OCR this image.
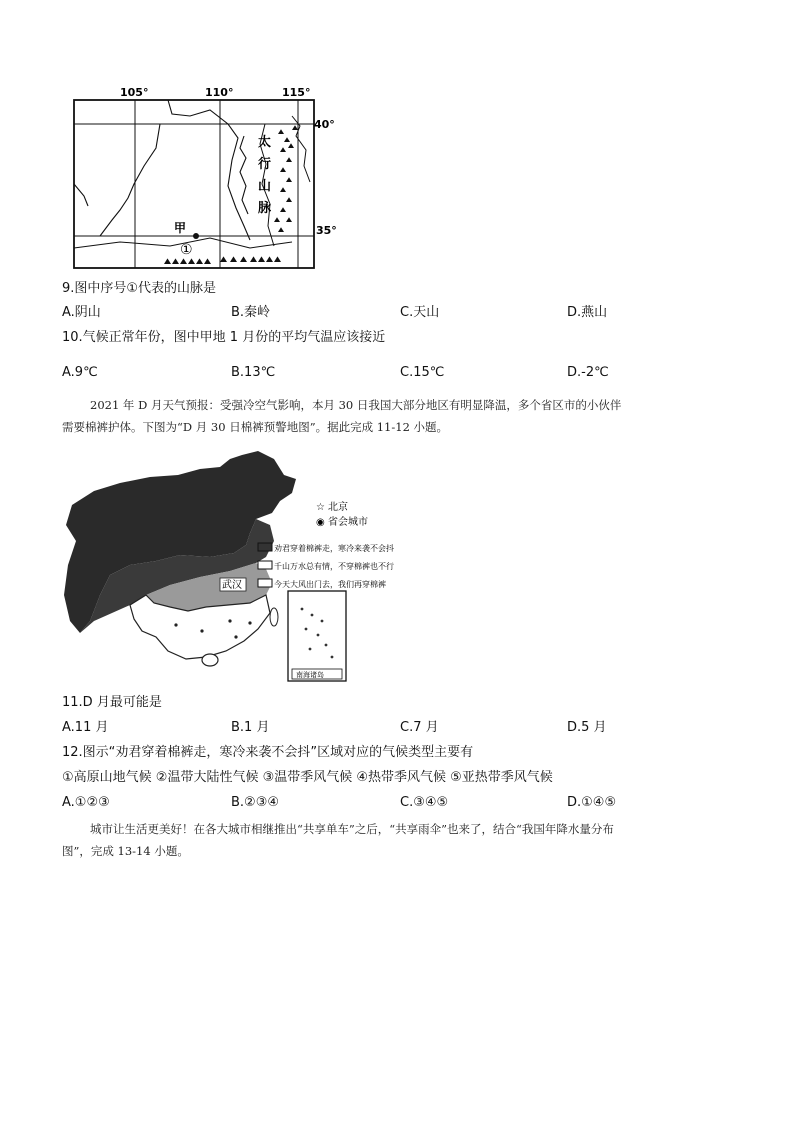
甲
①
105°	110°	115°
40°
35°
太
行
山
脉
9.图中序号①代表的山脉是
A.阴山	B.秦岭	C.天山	D.燕山
10.气候正常年份，图中甲地 1 月份的平均气温应该接近
A.9℃	B.13℃	C.15℃	D.-2℃
2021 年 D 月天气预报：受强冷空气影响，本月 30 日我国大部分地区有明显降温，多个省区市的小伙伴
需要棉裤护体。下图为“D 月 30 日棉裤预警地图”。据此完成 11-12 小题。
武汉
☆ 北京
◉ 省会城市
劝君穿着棉裤走，寒冷来袭不会抖
千山万水总有情，不穿棉裤也不行
今天大风出门去，我们再穿棉裤
南海诸岛
11.D 月最可能是
A.11 月	B.1 月	C.7 月	D.5 月
12.图示“劝君穿着棉裤走，寒冷来袭不会抖”区域对应的气候类型主要有
①高原山地气候 ②温带大陆性气候 ③温带季风气候 ④热带季风气候 ⑤亚热带季风气候
A.①②③	B.②③④	C.③④⑤	D.①④⑤
城市让生活更美好！在各大城市相继推出“共享单车”之后，“共享雨伞”也来了，结合“我国年降水量分布
图”，完成 13-14 小题。
